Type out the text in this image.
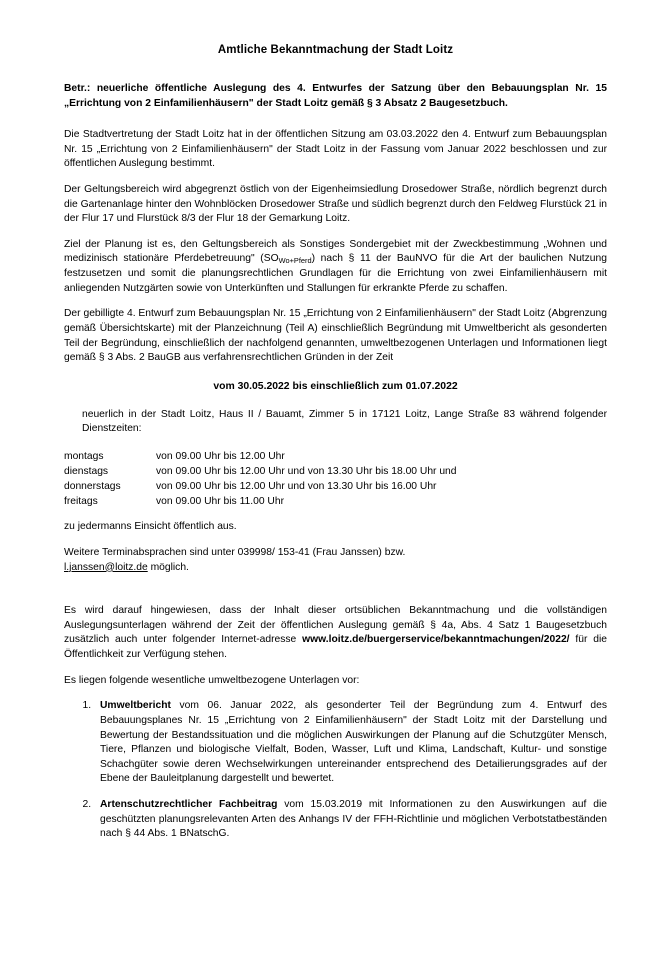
Amtliche Bekanntmachung der Stadt Loitz

Betr.: neuerliche öffentliche Auslegung des 4. Entwurfes der Satzung über den Bebauungsplan Nr. 15 „Errichtung von 2 Einfamilienhäusern" der Stadt Loitz gemäß § 3 Absatz 2 Baugesetzbuch.

Die Stadtvertretung der Stadt Loitz hat in der öffentlichen Sitzung am 03.03.2022 den 4. Entwurf zum Bebauungsplan Nr. 15 „Errichtung von 2 Einfamilienhäusern" der Stadt Loitz in der Fassung vom Januar 2022 beschlossen und zur öffentlichen Auslegung bestimmt.

Der Geltungsbereich wird abgegrenzt östlich von der Eigenheimsiedlung Drosedower Straße, nördlich begrenzt durch die Gartenanlage hinter den Wohnblöcken Drosedower Straße und südlich begrenzt durch den Feldweg Flurstück 21 in der Flur 17 und Flurstück 8/3 der Flur 18 der Gemarkung Loitz.

Ziel der Planung ist es, den Geltungsbereich als Sonstiges Sondergebiet mit der Zweckbestimmung „Wohnen und medizinisch stationäre Pferdebetreuung" $(SO_{Wo+Pferd})$ nach § 11 der BauNVO für die Art der baulichen Nutzung festzusetzen und somit die planungsrechtlichen Grundlagen für die Errichtung von zwei Einfamilienhäusern mit anliegenden Nutzgärten sowie von Unterkünften und Stallungen für erkrankte Pferde zu schaffen.

Der gebilligte 4. Entwurf zum Bebauungsplan Nr. 15 „Errichtung von 2 Einfamilienhäusern" der Stadt Loitz (Abgrenzung gemäß Übersichtskarte) mit der Planzeichnung (Teil A) einschließlich Begründung mit Umweltbericht als gesonderten Teil der Begründung, einschließlich der nachfolgend genannten, umweltbezogenen Unterlagen und Informationen liegt gemäß § 3 Abs. 2 BauGB aus verfahrensrechtlichen Gründen in der Zeit

vom 30.05.2022 bis einschließlich zum 01.07.2022

neuerlich in der Stadt Loitz, Haus II / Bauamt, Zimmer 5 in 17121 Loitz, Lange Straße 83 während folgender Dienstzeiten:

montags	von 09.00 Uhr bis 12.00 Uhr
dienstags	von 09.00 Uhr bis 12.00 Uhr und von 13.30 Uhr bis 18.00 Uhr und
donnerstags	von 09.00 Uhr bis 12.00 Uhr und von 13.30 Uhr bis 16.00 Uhr
freitags	von 09.00 Uhr bis 11.00 Uhr

zu jedermanns Einsicht öffentlich aus.

Weitere Terminabsprachen sind unter 039998/ 153-41 (Frau Janssen) bzw.
l.janssen@loitz.de möglich.

Es wird darauf hingewiesen, dass der Inhalt dieser ortsüblichen Bekanntmachung und die vollständigen Auslegungsunterlagen während der Zeit der öffentlichen Auslegung gemäß § 4a, Abs. 4 Satz 1 Baugesetzbuch zusätzlich auch unter folgender Internet-adresse www.loitz.de/buergerservice/bekanntmachungen/2022/ für die Öffentlichkeit zur Verfügung stehen.

Es liegen folgende wesentliche umweltbezogene Unterlagen vor:

1. Umweltbericht vom 06. Januar 2022, als gesonderter Teil der Begründung zum 4. Entwurf des Bebauungsplanes Nr. 15 „Errichtung von 2 Einfamilienhäusern" der Stadt Loitz mit der Darstellung und Bewertung der Bestandssituation und die möglichen Auswirkungen der Planung auf die Schutzgüter Mensch, Tiere, Pflanzen und biologische Vielfalt, Boden, Wasser, Luft und Klima, Landschaft, Kultur- und sonstige Schachgüter sowie deren Wechselwirkungen untereinander entsprechend des Detailierungsgrades auf der Ebene der Bauleitplanung dargestellt und bewertet.
2. Artenschutzrechtlicher Fachbeitrag vom 15.03.2019 mit Informationen zu den Auswirkungen auf die geschützten planungsrelevanten Arten des Anhangs IV der FFH-Richtlinie und möglichen Verbotstatbeständen nach § 44 Abs. 1 BNatschG.
